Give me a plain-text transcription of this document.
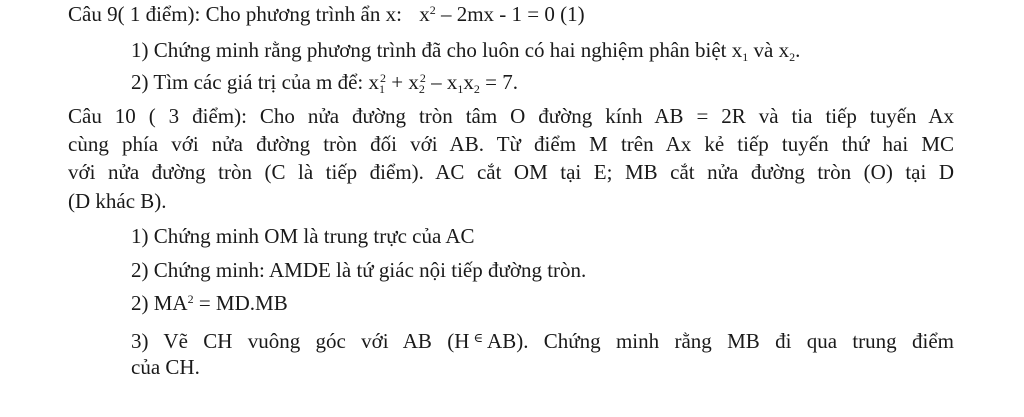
Câu 9( 1 điểm): Cho phương trình ẩn x: $x^2 - 2mx - 1 = 0$ (1)
1) Chứng minh rằng phương trình đã cho luôn có hai nghiệm phân biệt $x_1$ và $x_2$.
2) Tìm các giá trị của m để: $x_1^2 + x_2^2 - x_1x_2 = 7$.
Câu 10 ( 3 điểm): Cho nửa đường tròn tâm O đường kính AB = 2R và tia tiếp tuyến Ax
cùng phía với nửa đường tròn đối với AB. Từ điểm M trên Ax kẻ tiếp tuyến thứ hai MC
với nửa đường tròn (C là tiếp điểm). AC cắt OM tại E; MB cắt nửa đường tròn (O) tại D
(D khác B).
1) Chứng minh OM là trung trực của AC
2) Chứng minh: AMDE là tứ giác nội tiếp đường tròn.
2) $MA^2 = MD.MB$
3) Vẽ CH vuông góc với AB (H ∈ AB). Chứng minh rằng MB đi qua trung điểm
của CH.
